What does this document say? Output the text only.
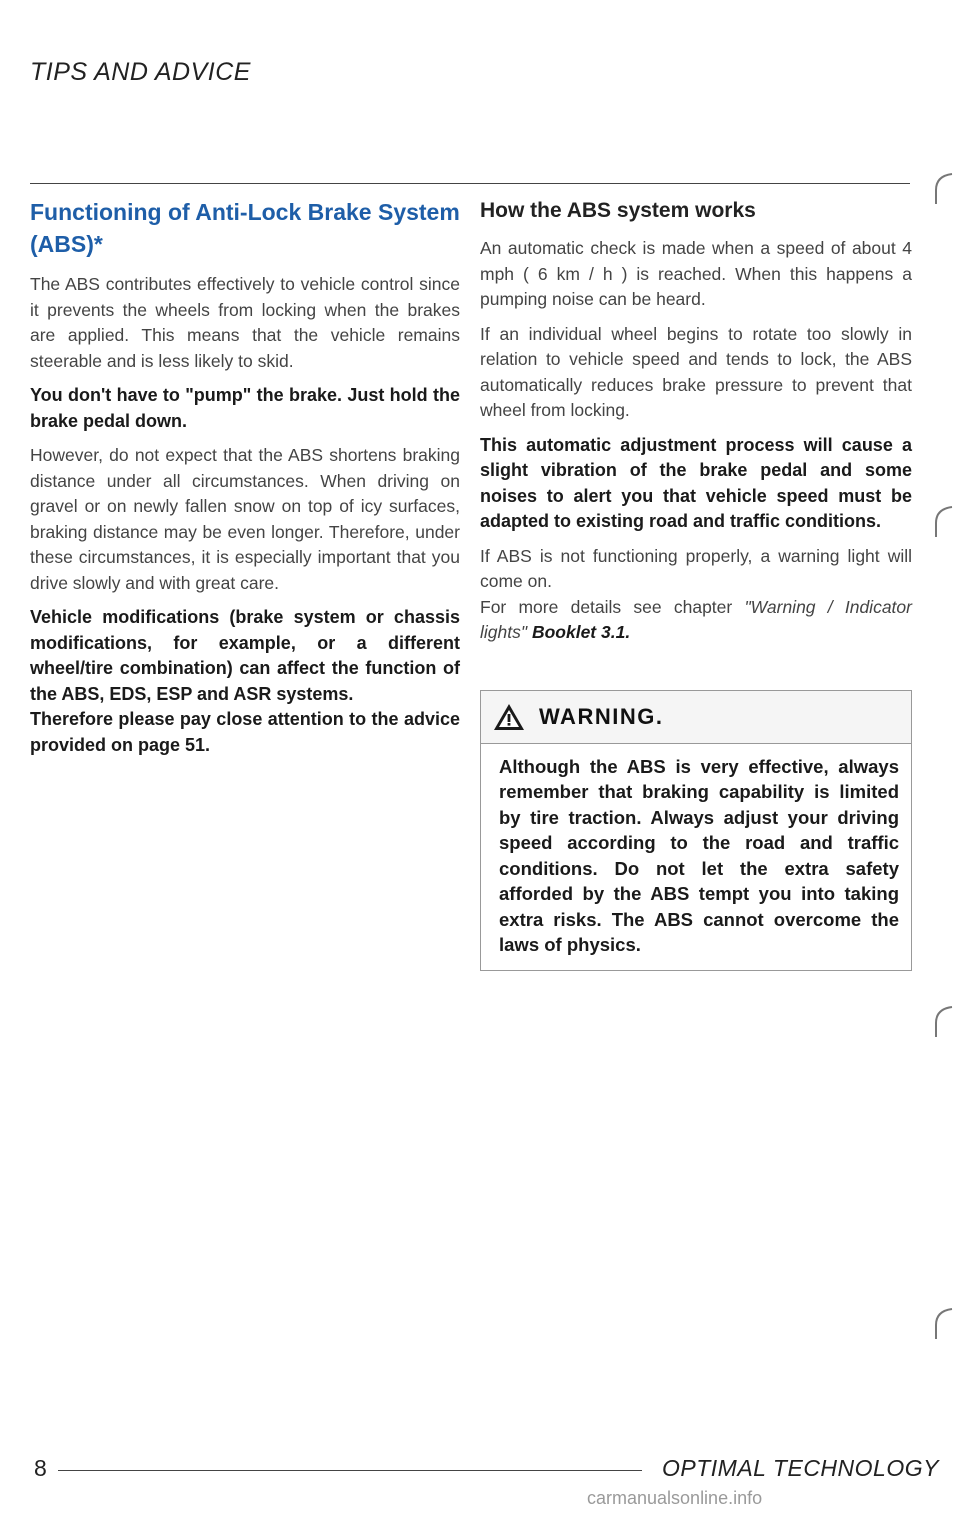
TIPS AND ADVICE
Functioning of Anti-Lock Brake System (ABS)*

The ABS contributes effectively to vehicle control since it prevents the wheels from locking when the brakes are applied. This means that the vehicle remains steerable and is less likely to skid.

You don't have to "pump" the brake. Just hold the brake pedal down.

However, do not expect that the ABS shortens braking distance under all circumstances. When driving on gravel or on newly fallen snow on top of icy surfaces, braking distance may be even longer. Therefore, under these circumstances, it is especially important that you drive slowly and with great care.

Vehicle modifications (brake system or chassis modifications, for example, or a different wheel/tire combination) can affect the function of the ABS, EDS, ESP and ASR systems.

Therefore please pay close attention to the advice provided on page 51.

How the ABS system works

An automatic check is made when a speed of about 4 mph ( 6 km / h ) is reached. When this happens a pumping noise can be heard.

If an individual wheel begins to rotate too slowly in relation to vehicle speed and tends to lock, the ABS automatically reduces brake pressure to prevent that wheel from locking.

This automatic adjustment process will cause a slight vibration of the brake pedal and some noises to alert you that vehicle speed must be adapted to existing road and traffic conditions.

If ABS is not functioning properly, a warning light will come on.

For more details see chapter "Warning / Indicator lights" Booklet 3.1.

WARNING.
Although the ABS is very effective, always remember that braking capability is limited by tire traction. Always adjust your driving speed according to the road and traffic conditions. Do not let the extra safety afforded by the ABS tempt you into taking extra risks. The ABS cannot overcome the laws of physics.
8	OPTIMAL TECHNOLOGY
carmanualsonline.info
